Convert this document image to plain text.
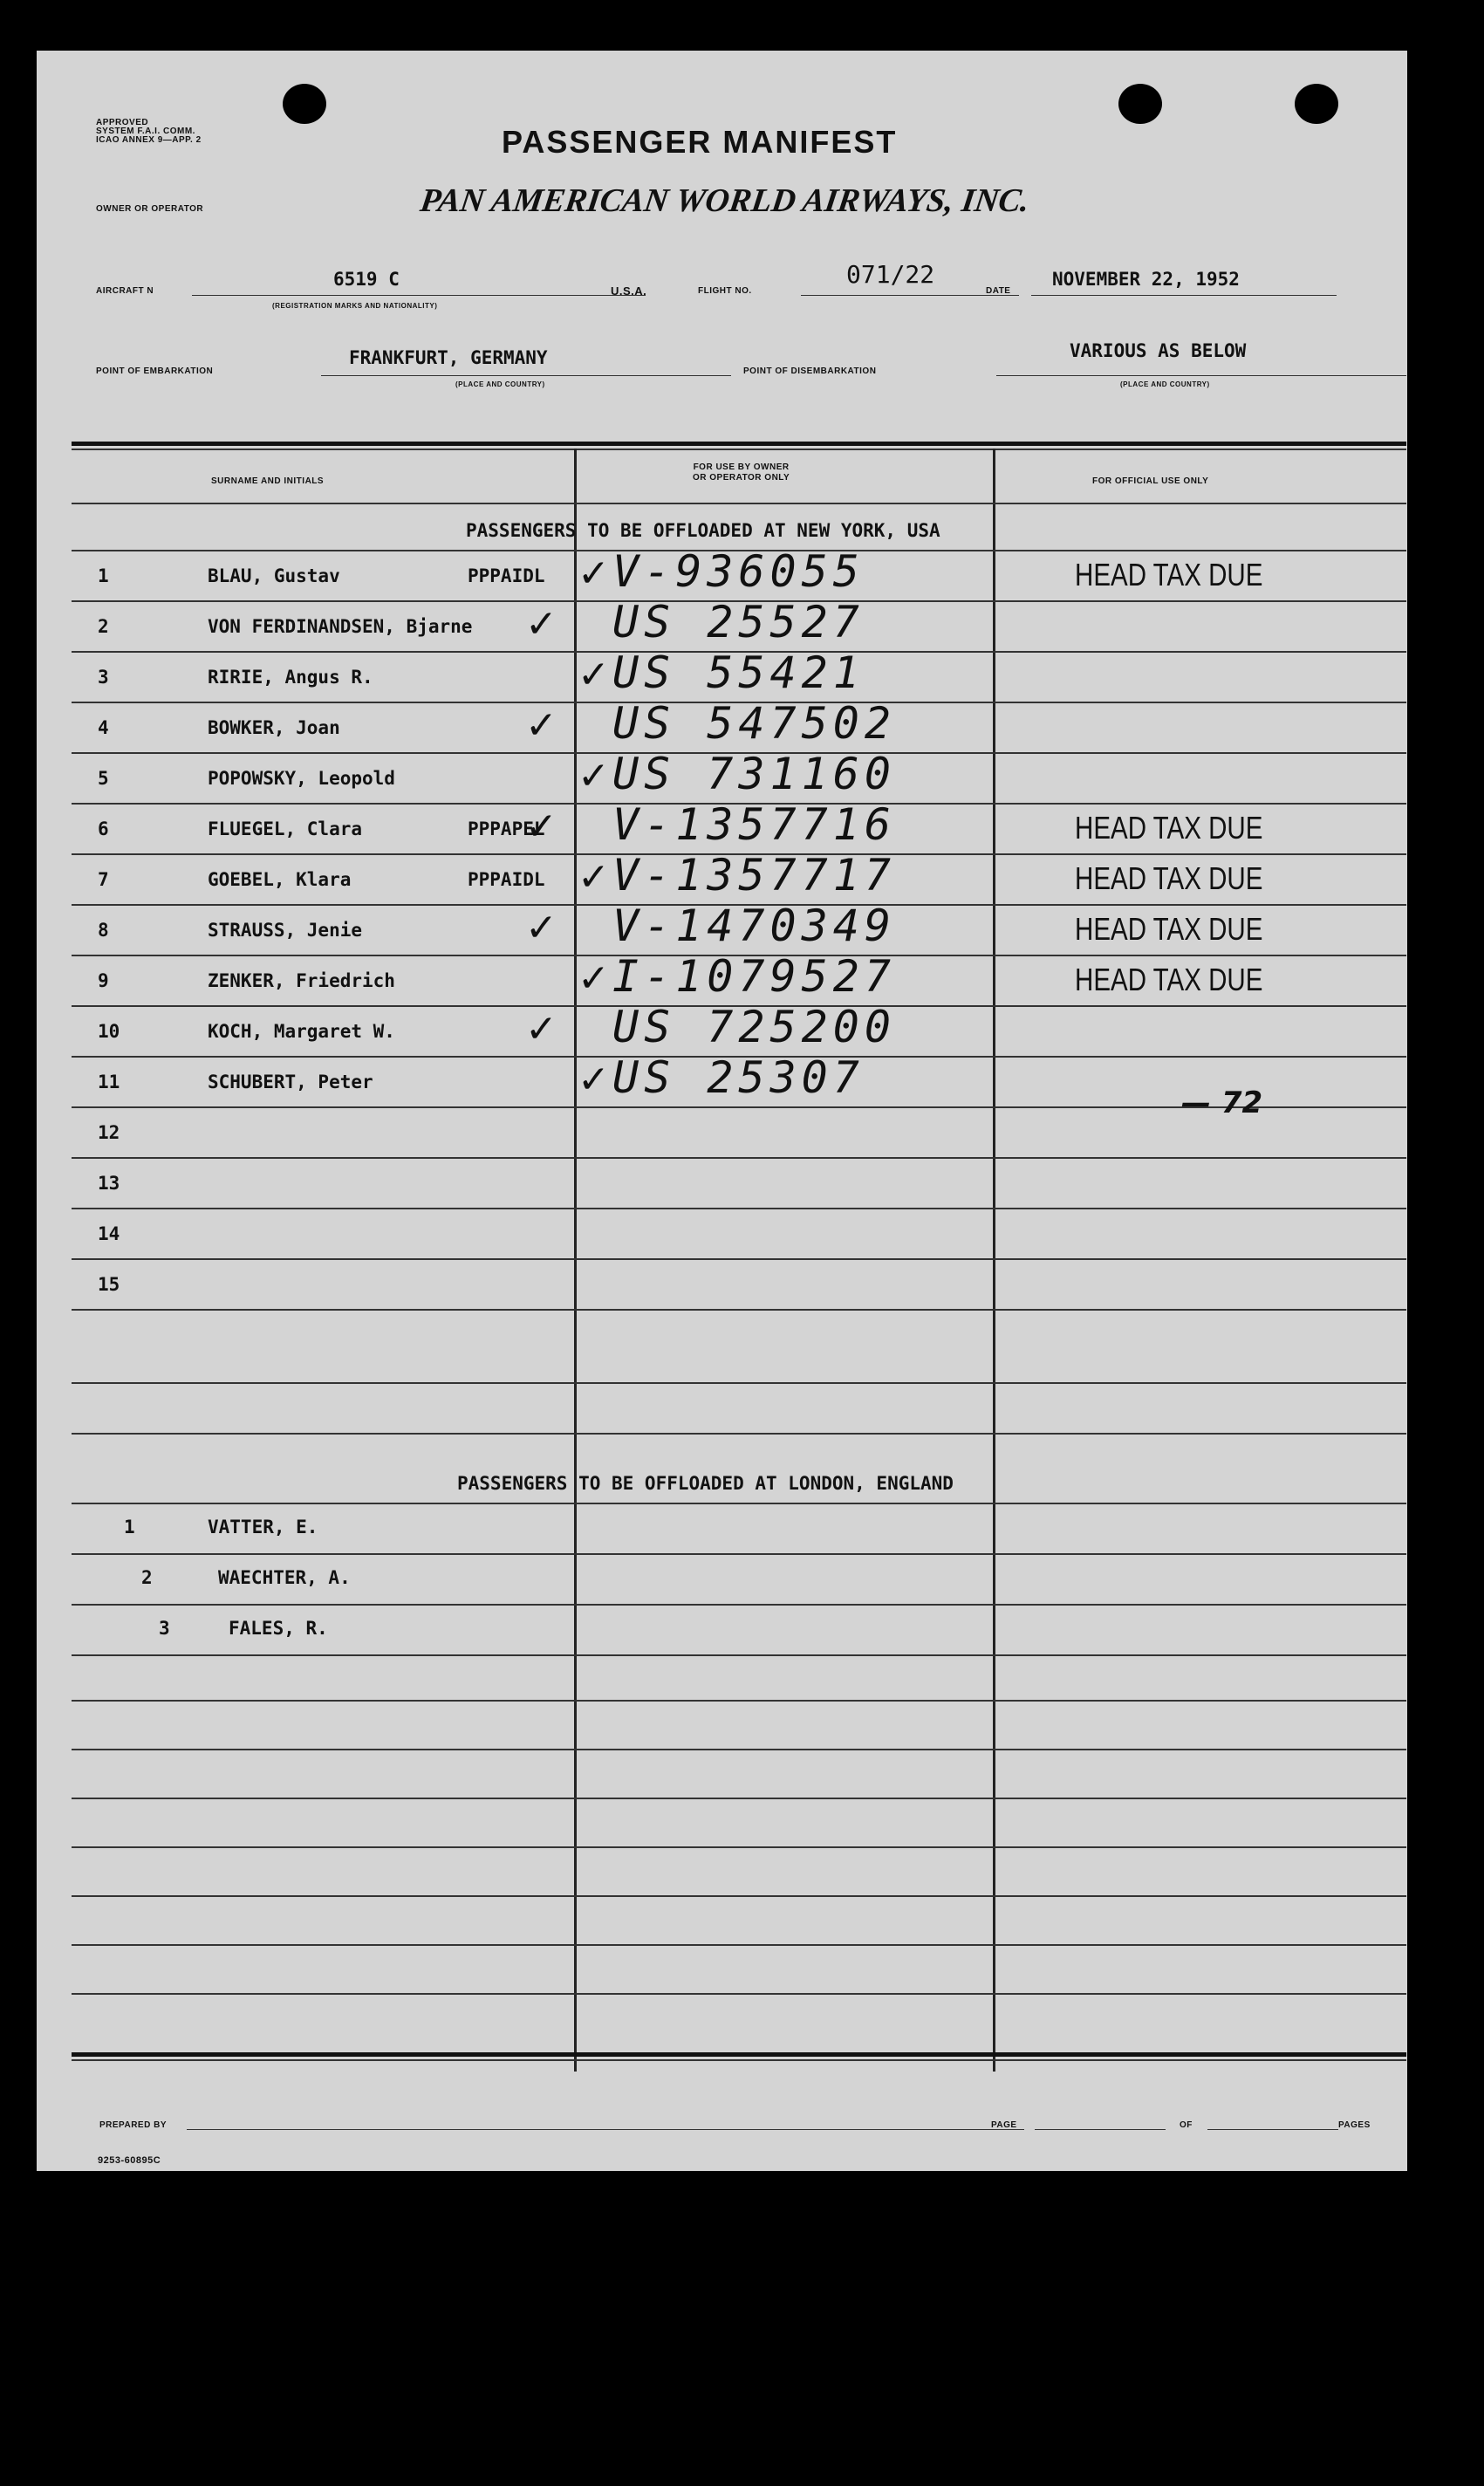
APPROVED
SYSTEM F.A.I. COMM.
ICAO ANNEX 9—APP. 2	PASSENGER MANIFEST
OWNER OR OPERATOR	PAN AMERICAN WORLD AIRWAYS, INC.
AIRCRAFT N
6519 C
(REGISTRATION MARKS AND NATIONALITY)
U.S.A.	FLIGHT NO.
071/22
DATE
NOVEMBER 22, 1952
POINT OF EMBARKATION
FRANKFURT, GERMANY
(PLACE AND COUNTRY)
POINT OF DISEMBARKATION
VARIOUS AS BELOW
(PLACE AND COUNTRY)
SURNAME AND INITIALS
FOR USE BY OWNER
OR OPERATOR ONLY	FOR OFFICIAL USE ONLY
PASSENGERS TO BE OFFLOADED AT NEW YORK, USA
1	BLAU, Gustav	PPPAIDL V-936055	HEAD TAX DUE
✓
2	VON FERDINANDSEN, Bjarne	US 25527
✓
3	RIRIE, Angus R.	US 55421
✓
4	BOWKER, Joan	US 547502
✓
5	POPOWSKY, Leopold	US 731160
✓
6	FLUEGEL, Clara	PPPAPEL V-1357716	HEAD TAX DUE
✓
7	GOEBEL, Klara	PPPAIDL V-1357717	HEAD TAX DUE
✓
8	STRAUSS, Jenie	V-1470349	HEAD TAX DUE
✓
9	ZENKER, Friedrich	I-1079527	HEAD TAX DUE
✓
10	KOCH, Margaret W.	US 725200
✓
11	SCHUBERT, Peter	US 25307
✓
12
13
14
15
— 72
PASSENGERS TO BE OFFLOADED AT LONDON, ENGLAND
1	VATTER, E.
2	WAECHTER, A.
3	FALES, R.
PREPARED BY	PAGE	OF	PAGES
9253-60895C
